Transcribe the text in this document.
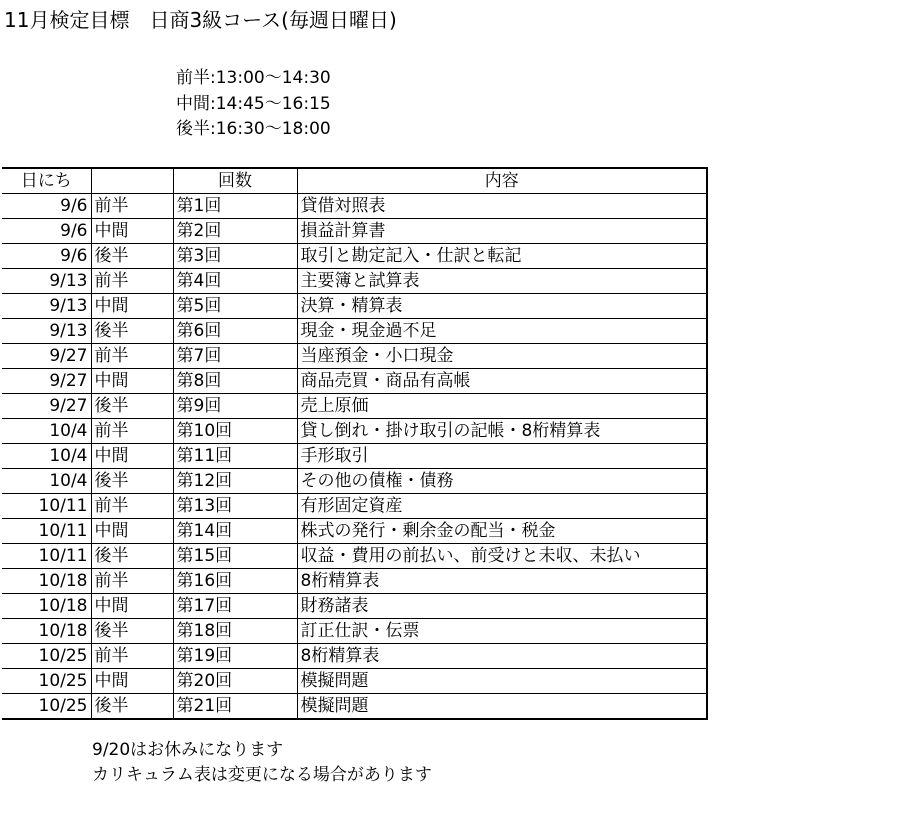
11月検定目標　日商3級コース(毎週日曜日)
前半:13:00～14:30
中間:14:45～16:15
後半:16:30～18:00
日にち		回数	内容
9/6	前半	第1回	貸借対照表
9/6	中間	第2回	損益計算書
9/6	後半	第3回	取引と勘定記入・仕訳と転記
9/13	前半	第4回	主要簿と試算表
9/13	中間	第5回	決算・精算表
9/13	後半	第6回	現金・現金過不足
9/27	前半	第7回	当座預金・小口現金
9/27	中間	第8回	商品売買・商品有高帳
9/27	後半	第9回	売上原価
10/4	前半	第10回	貸し倒れ・掛け取引の記帳・8桁精算表
10/4	中間	第11回	手形取引
10/4	後半	第12回	その他の債権・債務
10/11	前半	第13回	有形固定資産
10/11	中間	第14回	株式の発行・剰余金の配当・税金
10/11	後半	第15回	収益・費用の前払い、前受けと未収、未払い
10/18	前半	第16回	8桁精算表
10/18	中間	第17回	財務諸表
10/18	後半	第18回	訂正仕訳・伝票
10/25	前半	第19回	8桁精算表
10/25	中間	第20回	模擬問題
10/25	後半	第21回	模擬問題
9/20はお休みになります
カリキュラム表は変更になる場合があります
